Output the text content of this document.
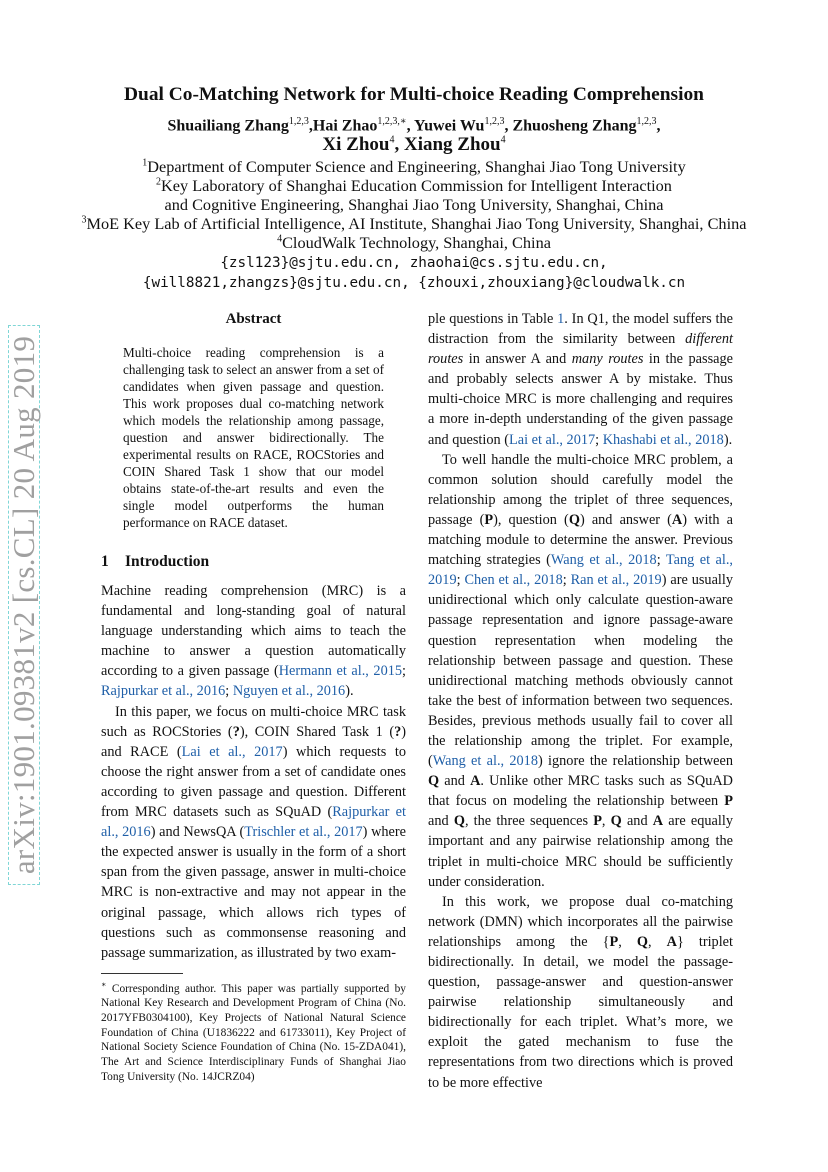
arXiv:1901.09381v2 [cs.CL] 20 Aug 2019
Dual Co-Matching Network for Multi-choice Reading Comprehension
Shuailiang Zhang$^{1,2,3}$,Hai Zhao$^{1,2,3,∗}$, Yuwei Wu$^{1,2,3}$, Zhuosheng Zhang$^{1,2,3}$,
Xi Zhou$^4$, Xiang Zhou$^4$
$^1$Department of Computer Science and Engineering, Shanghai Jiao Tong University
$^2$Key Laboratory of Shanghai Education Commission for Intelligent Interaction
and Cognitive Engineering, Shanghai Jiao Tong University, Shanghai, China
$^3$MoE Key Lab of Artificial Intelligence, AI Institute, Shanghai Jiao Tong University, Shanghai, China
$^4$CloudWalk Technology, Shanghai, China
{zsl123}@sjtu.edu.cn, zhaohai@cs.sjtu.edu.cn,
{will8821,zhangzs}@sjtu.edu.cn, {zhouxi,zhouxiang}@cloudwalk.cn
Abstract

Multi-choice reading comprehension is a challenging task to select an answer from a set of candidates when given passage and question. This work proposes dual co-matching network which models the relationship among passage, question and answer bidirectionally. The experimental results on RACE, ROCStories and COIN Shared Task 1 show that our model obtains state-of-the-art results and even the single model outperforms the human performance on RACE dataset.

1 Introduction

Machine reading comprehension (MRC) is a fundamental and long-standing goal of natural language understanding which aims to teach the machine to answer a question automatically according to a given passage (Hermann et al., 2015; Rajpurkar et al., 2016; Nguyen et al., 2016).

In this paper, we focus on multi-choice MRC task such as ROCStories (?), COIN Shared Task 1 (?) and RACE (Lai et al., 2017) which requests to choose the right answer from a set of candidate ones according to given passage and question. Different from MRC datasets such as SQuAD (Rajpurkar et al., 2016) and NewsQA (Trischler et al., 2017) where the expected answer is usually in the form of a short span from the given passage, answer in multi-choice MRC is non-extractive and may not appear in the original passage, which allows rich types of questions such as commonsense reasoning and passage summarization, as illustrated by two exam-

∗ Corresponding author. This paper was partially supported by National Key Research and Development Program of China (No. 2017YFB0304100), Key Projects of National Natural Science Foundation of China (U1836222 and 61733011), Key Project of National Society Science Foundation of China (No. 15-ZDA041), The Art and Science Interdisciplinary Funds of Shanghai Jiao Tong University (No. 14JCRZ04)

ple questions in Table 1. In Q1, the model suffers the distraction from the similarity between different routes in answer A and many routes in the passage and probably selects answer A by mistake. Thus multi-choice MRC is more challenging and requires a more in-depth understanding of the given passage and question (Lai et al., 2017; Khashabi et al., 2018).

To well handle the multi-choice MRC problem, a common solution should carefully model the relationship among the triplet of three sequences, passage (P), question (Q) and answer (A) with a matching module to determine the answer. Previous matching strategies (Wang et al., 2018; Tang et al., 2019; Chen et al., 2018; Ran et al., 2019) are usually unidirectional which only calculate question-aware passage representation and ignore passage-aware question representation when modeling the relationship between passage and question. These unidirectional matching methods obviously cannot take the best of information between two sequences. Besides, previous methods usually fail to cover all the relationship among the triplet. For example, (Wang et al., 2018) ignore the relationship between Q and A. Unlike other MRC tasks such as SQuAD that focus on modeling the relationship between P and Q, the three sequences P, Q and A are equally important and any pairwise relationship among the triplet in multi-choice MRC should be sufficiently under consideration.

In this work, we propose dual co-matching network (DMN) which incorporates all the pairwise relationships among the {P, Q, A} triplet bidirectionally. In detail, we model the passage-question, passage-answer and question-answer pairwise relationship simultaneously and bidirectionally for each triplet. What’s more, we exploit the gated mechanism to fuse the representations from two directions which is proved to be more effective
